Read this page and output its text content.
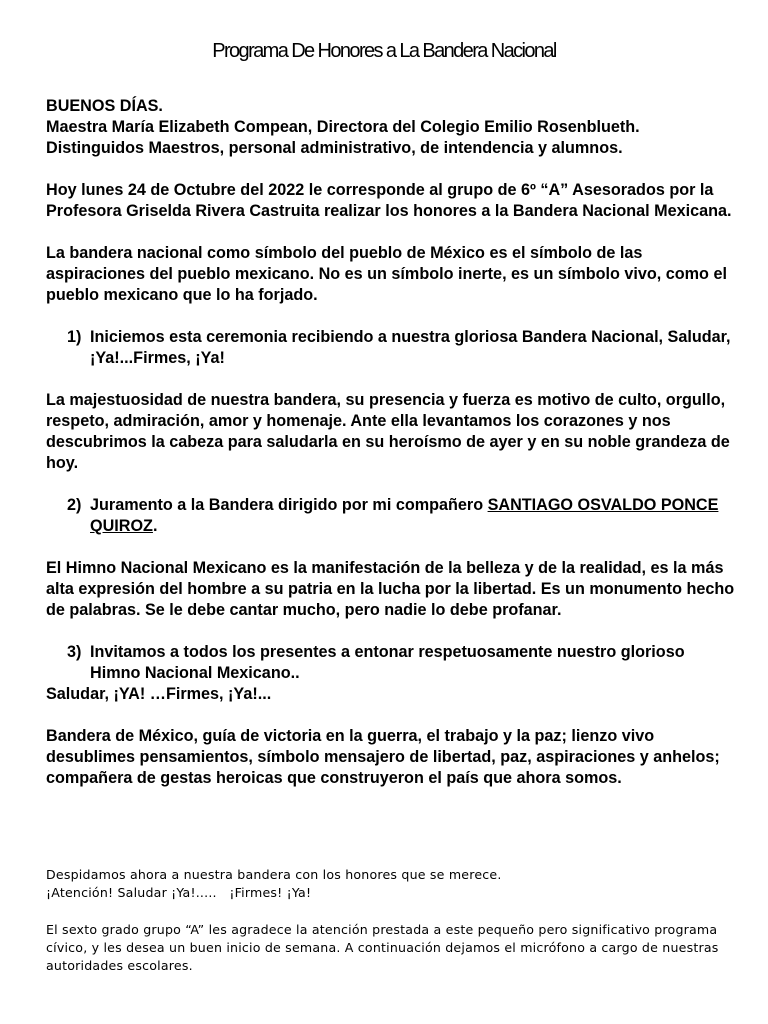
Programa De Honores a La Bandera Nacional

BUENOS DÍAS.

Maestra María Elizabeth Compean, Directora del Colegio Emilio Rosenblueth.

Distinguidos Maestros, personal administrativo, de intendencia y alumnos.

Hoy lunes 24 de Octubre del 2022 le corresponde al grupo de 6º “A” Asesorados por la Profesora Griselda Rivera Castruita realizar los honores a la Bandera Nacional Mexicana.

La bandera nacional como símbolo del pueblo de México es el símbolo de las aspiraciones del pueblo mexicano. No es un símbolo inerte, es un símbolo vivo, como el pueblo mexicano que lo ha forjado.

1) Iniciemos esta ceremonia recibiendo a nuestra gloriosa Bandera Nacional, Saludar, ¡Ya!...Firmes, ¡Ya!

La majestuosidad de nuestra bandera, su presencia y fuerza es motivo de culto, orgullo, respeto, admiración, amor y homenaje. Ante ella levantamos los corazones y nos descubrimos la cabeza para saludarla en su heroísmo de ayer y en su noble grandeza de hoy.

2) Juramento a la Bandera dirigido por mi compañero SANTIAGO OSVALDO PONCE QUIROZ.

El Himno Nacional Mexicano es la manifestación de la belleza y de la realidad, es la más alta expresión del hombre a su patria en la lucha por la libertad. Es un monumento hecho de palabras. Se le debe cantar mucho, pero nadie lo debe profanar.

3) Invitamos a todos los presentes a entonar respetuosamente nuestro glorioso Himno Nacional Mexicano..

Saludar, ¡YA! …Firmes, ¡Ya!...

Bandera de México, guía de victoria en la guerra, el trabajo y la paz; lienzo vivo desublimes pensamientos, símbolo mensajero de libertad, paz, aspiraciones y anhelos; compañera de gestas heroicas que construyeron el país que ahora somos.

Despidamos ahora a nuestra bandera con los honores que se merece.

¡Atención! Saludar ¡Ya!.....   ¡Firmes! ¡Ya!

El sexto grado grupo “A” les agradece la atención prestada a este pequeño pero significativo programa cívico, y les desea un buen inicio de semana. A continuación dejamos el micrófono a cargo de nuestras autoridades escolares.
